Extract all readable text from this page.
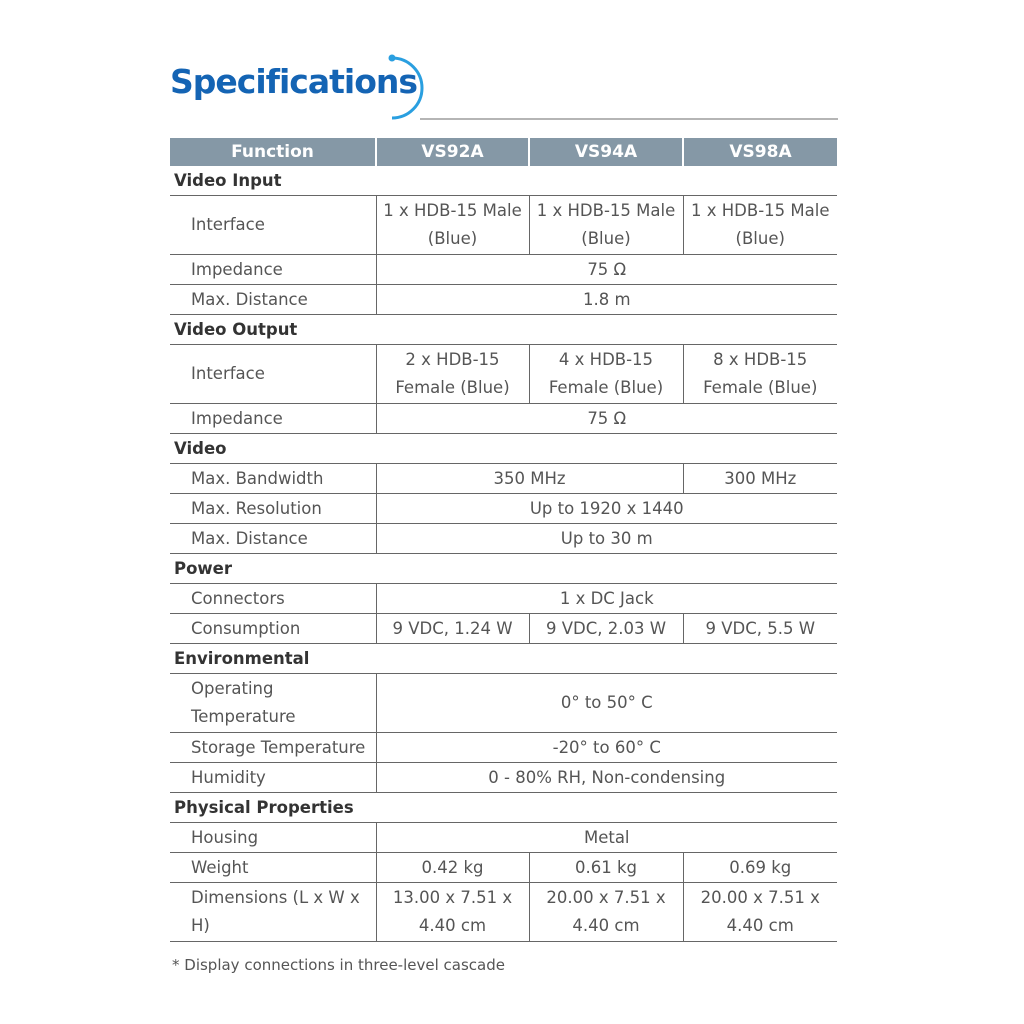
Specifications
Function	VS92A	VS94A	VS98A
Video Input			
Interface	1 x HDB-15 Male (Blue)	1 x HDB-15 Male (Blue)	1 x HDB-15 Male (Blue)
Impedance	75 Ω		
Max. Distance	1.8 m		
Video Output			
Interface	2 x HDB-15 Female (Blue)	4 x HDB-15 Female (Blue)	8 x HDB-15 Female (Blue)
Impedance	75 Ω		
Video			
Max. Bandwidth	350 MHz		300 MHz
Max. Resolution	Up to 1920 x 1440		
Max. Distance	Up to 30 m		
Power			
Connectors	1 x DC Jack		
Consumption	9 VDC, 1.24 W	9 VDC, 2.03 W	9 VDC, 5.5 W
Environmental			
Operating Temperature	0° to 50° C		
Storage Temperature	-20° to 60° C		
Humidity	0 - 80% RH, Non-condensing		
Physical Properties			
Housing	Metal		
Weight	0.42 kg	0.61 kg	0.69 kg
Dimensions (L x W x H)	13.00 x 7.51 x 4.40 cm	20.00 x 7.51 x 4.40 cm	20.00 x 7.51 x 4.40 cm
* Display connections in three-level cascade
